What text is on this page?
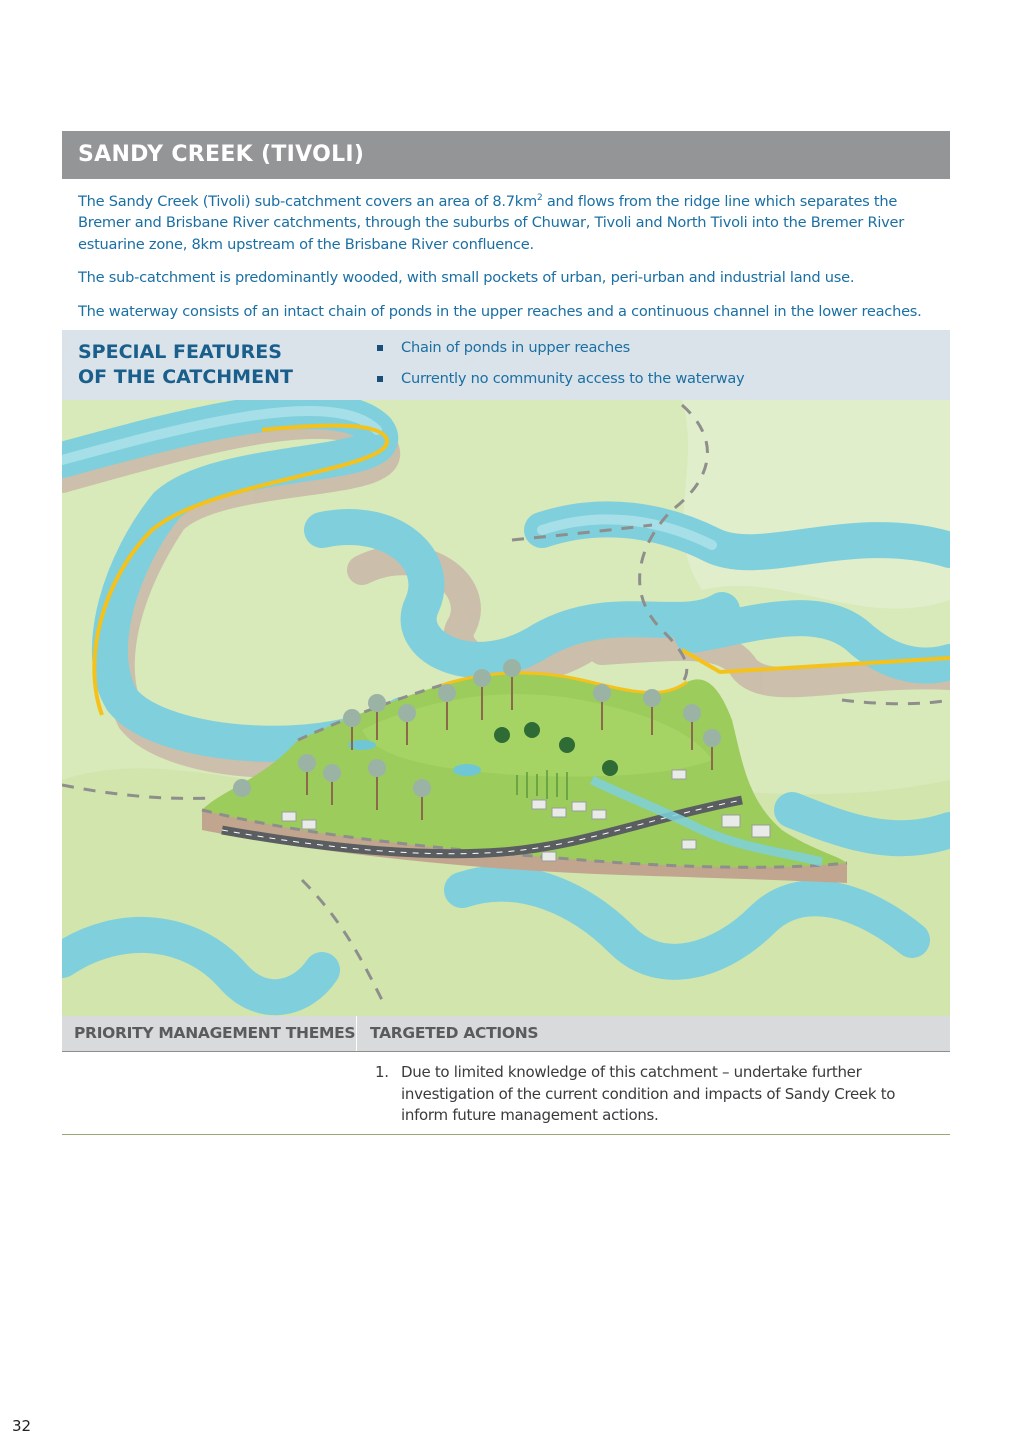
SANDY CREEK (TIVOLI)

The Sandy Creek (Tivoli) sub-catchment covers an area of $8.7km^2$ and flows from the ridge line which separates the Bremer and Brisbane River catchments, through the suburbs of Chuwar, Tivoli and North Tivoli into the Bremer River estuarine zone, 8km upstream of the Brisbane River confluence.

The sub-catchment is predominantly wooded, with small pockets of urban, peri-urban and industrial land use.

The waterway consists of an intact chain of ponds in the upper reaches and a continuous channel in the lower reaches.

SPECIAL FEATURES
OF THE CATCHMENT
Chain of ponds in upper reaches
Currently no community access to the waterway
PRIORITY MANAGEMENT THEMES TARGETED ACTIONS
1. Due to limited knowledge of this catchment – undertake further investigation of the current condition and impacts of Sandy Creek to inform future management actions.
32
